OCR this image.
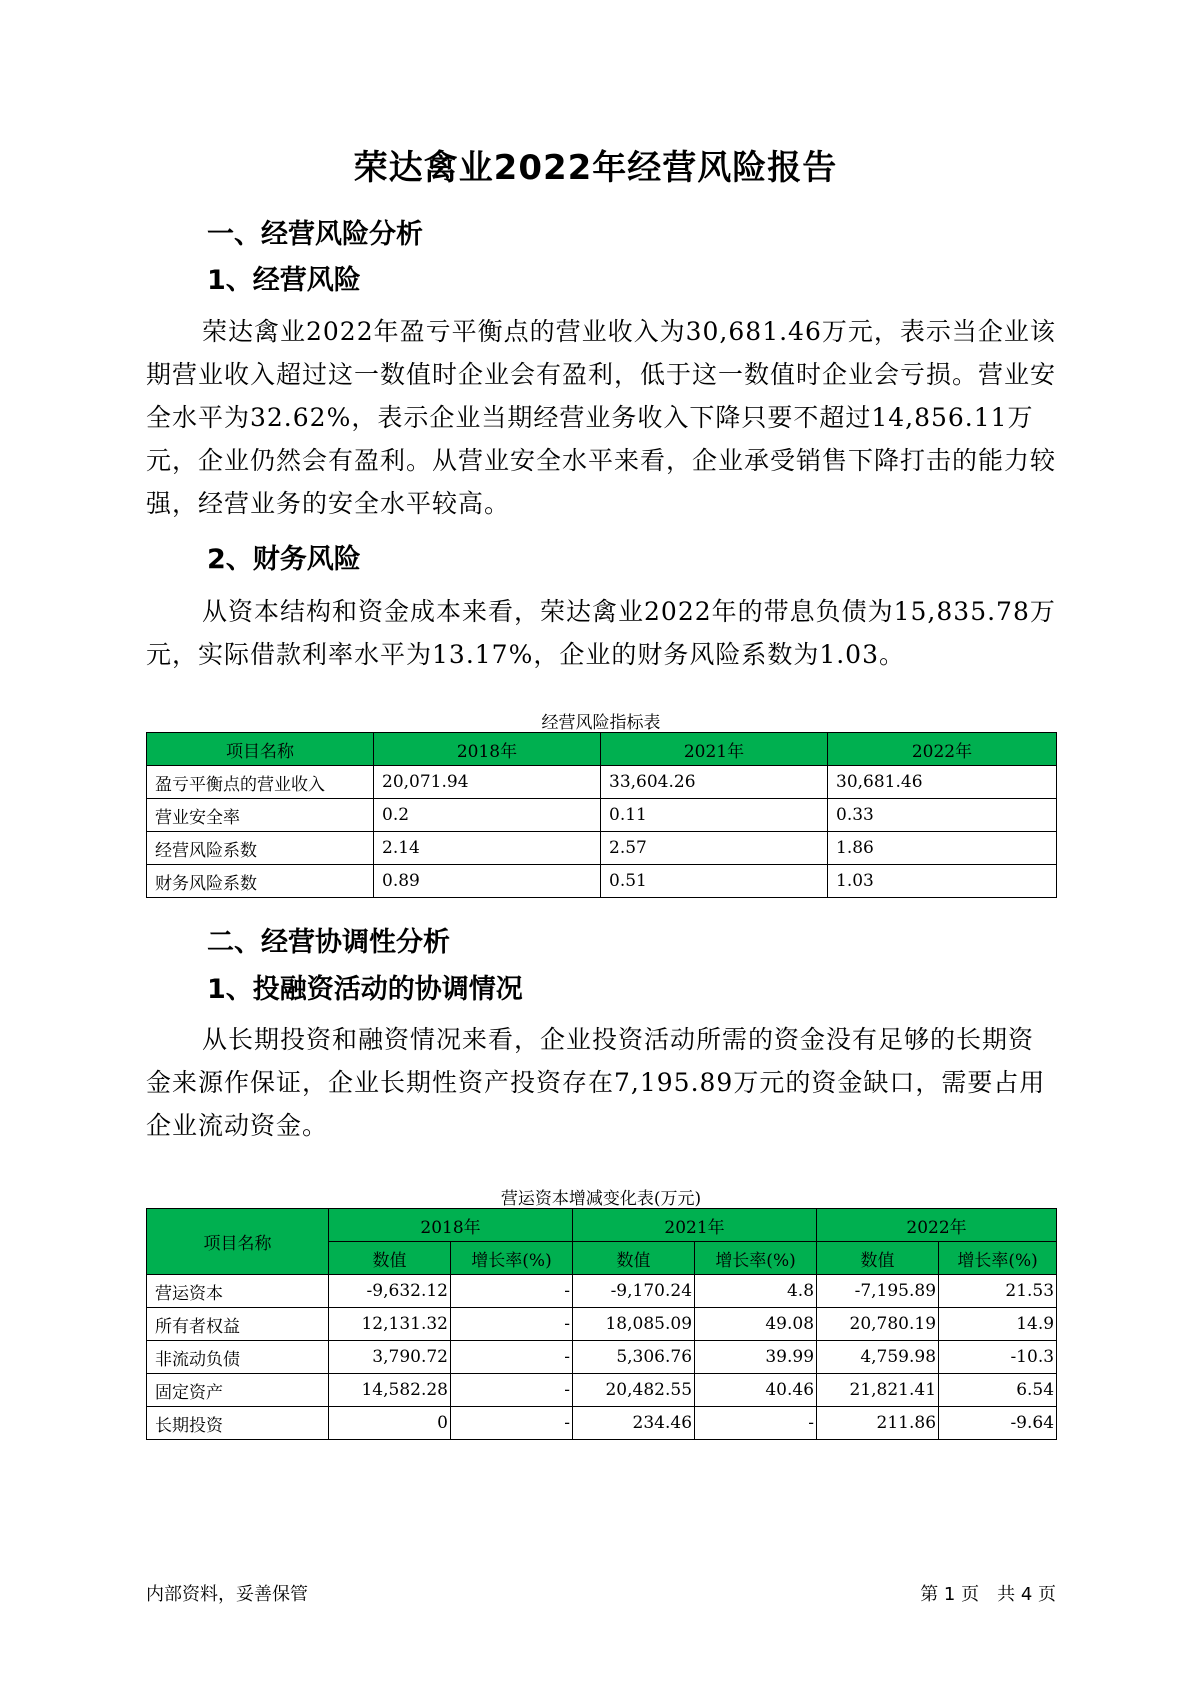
荣达禽业2022年经营风险报告
一、经营风险分析
1、经营风险

荣达禽业2022年盈亏平衡点的营业收入为30,681.46万元，表示当企业该期营业收入超过这一数值时企业会有盈利，低于这一数值时企业会亏损。营业安全水平为32.62%，表示企业当期经营业务收入下降只要不超过14,856.11万元，企业仍然会有盈利。从营业安全水平来看，企业承受销售下降打击的能力较强，经营业务的安全水平较高。

2、财务风险

从资本结构和资金成本来看，荣达禽业2022年的带息负债为15,835.78万元，实际借款利率水平为13.17%，企业的财务风险系数为1.03。

经营风险指标表
项目名称	2018年	2021年	2022年
盈亏平衡点的营业收入	20,071.94	33,604.26	30,681.46
营业安全率	0.2	0.11	0.33
经营风险系数	2.14	2.57	1.86
财务风险系数	0.89	0.51	1.03
二、经营协调性分析
1、投融资活动的协调情况

从长期投资和融资情况来看，企业投资活动所需的资金没有足够的长期资金来源作保证，企业长期性资产投资存在7,195.89万元的资金缺口，需要占用企业流动资金。

营运资本增减变化表(万元)
项目名称	2018年		2021年		2022年	
	数值	增长率(%)	数值	增长率(%)	数值	增长率(%)
营运资本	-9,632.12	-	-9,170.24	4.8	-7,195.89	21.53
所有者权益	12,131.32	-	18,085.09	49.08	20,780.19	14.9
非流动负债	3,790.72	-	5,306.76	39.99	4,759.98	-10.3
固定资产	14,582.28	-	20,482.55	40.46	21,821.41	6.54
长期投资	0	-	234.46	-	211.86	-9.64
内部资料，妥善保管	第 1 页　共 4 页
